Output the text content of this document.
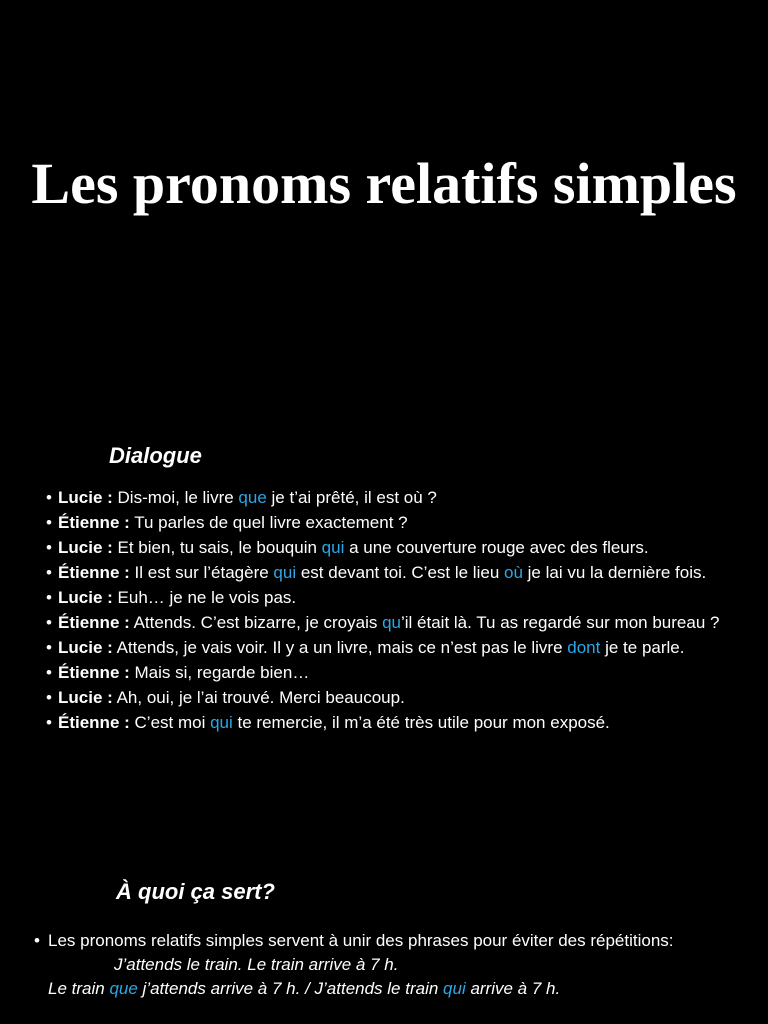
Les pronoms relatifs simples
Dialogue
• Lucie : Dis-moi, le livre que je t’ai prêté, il est où ?
• Étienne : Tu parles de quel livre exactement ?
• Lucie : Et bien, tu sais, le bouquin qui a une couverture rouge avec des fleurs.
• Étienne : Il est sur l’étagère qui est devant toi. C’est le lieu où je lai vu la dernière fois.
• Lucie : Euh… je ne le vois pas.
• Étienne : Attends. C’est bizarre, je croyais qu’il était là. Tu as regardé sur mon bureau ?
• Lucie : Attends, je vais voir. Il y a un livre, mais ce n’est pas le livre dont je te parle.
• Étienne : Mais si, regarde bien…
• Lucie : Ah, oui, je l’ai trouvé. Merci beaucoup.
• Étienne : C’est moi qui te remercie, il m’a été très utile pour mon exposé.
À quoi ça sert?
• Les pronoms relatifs simples servent à unir des phrases pour éviter des répétitions:
J’attends le train. Le train arrive à 7 h.
Le train que j’attends arrive à 7 h. / J’attends le train qui arrive à 7 h.
